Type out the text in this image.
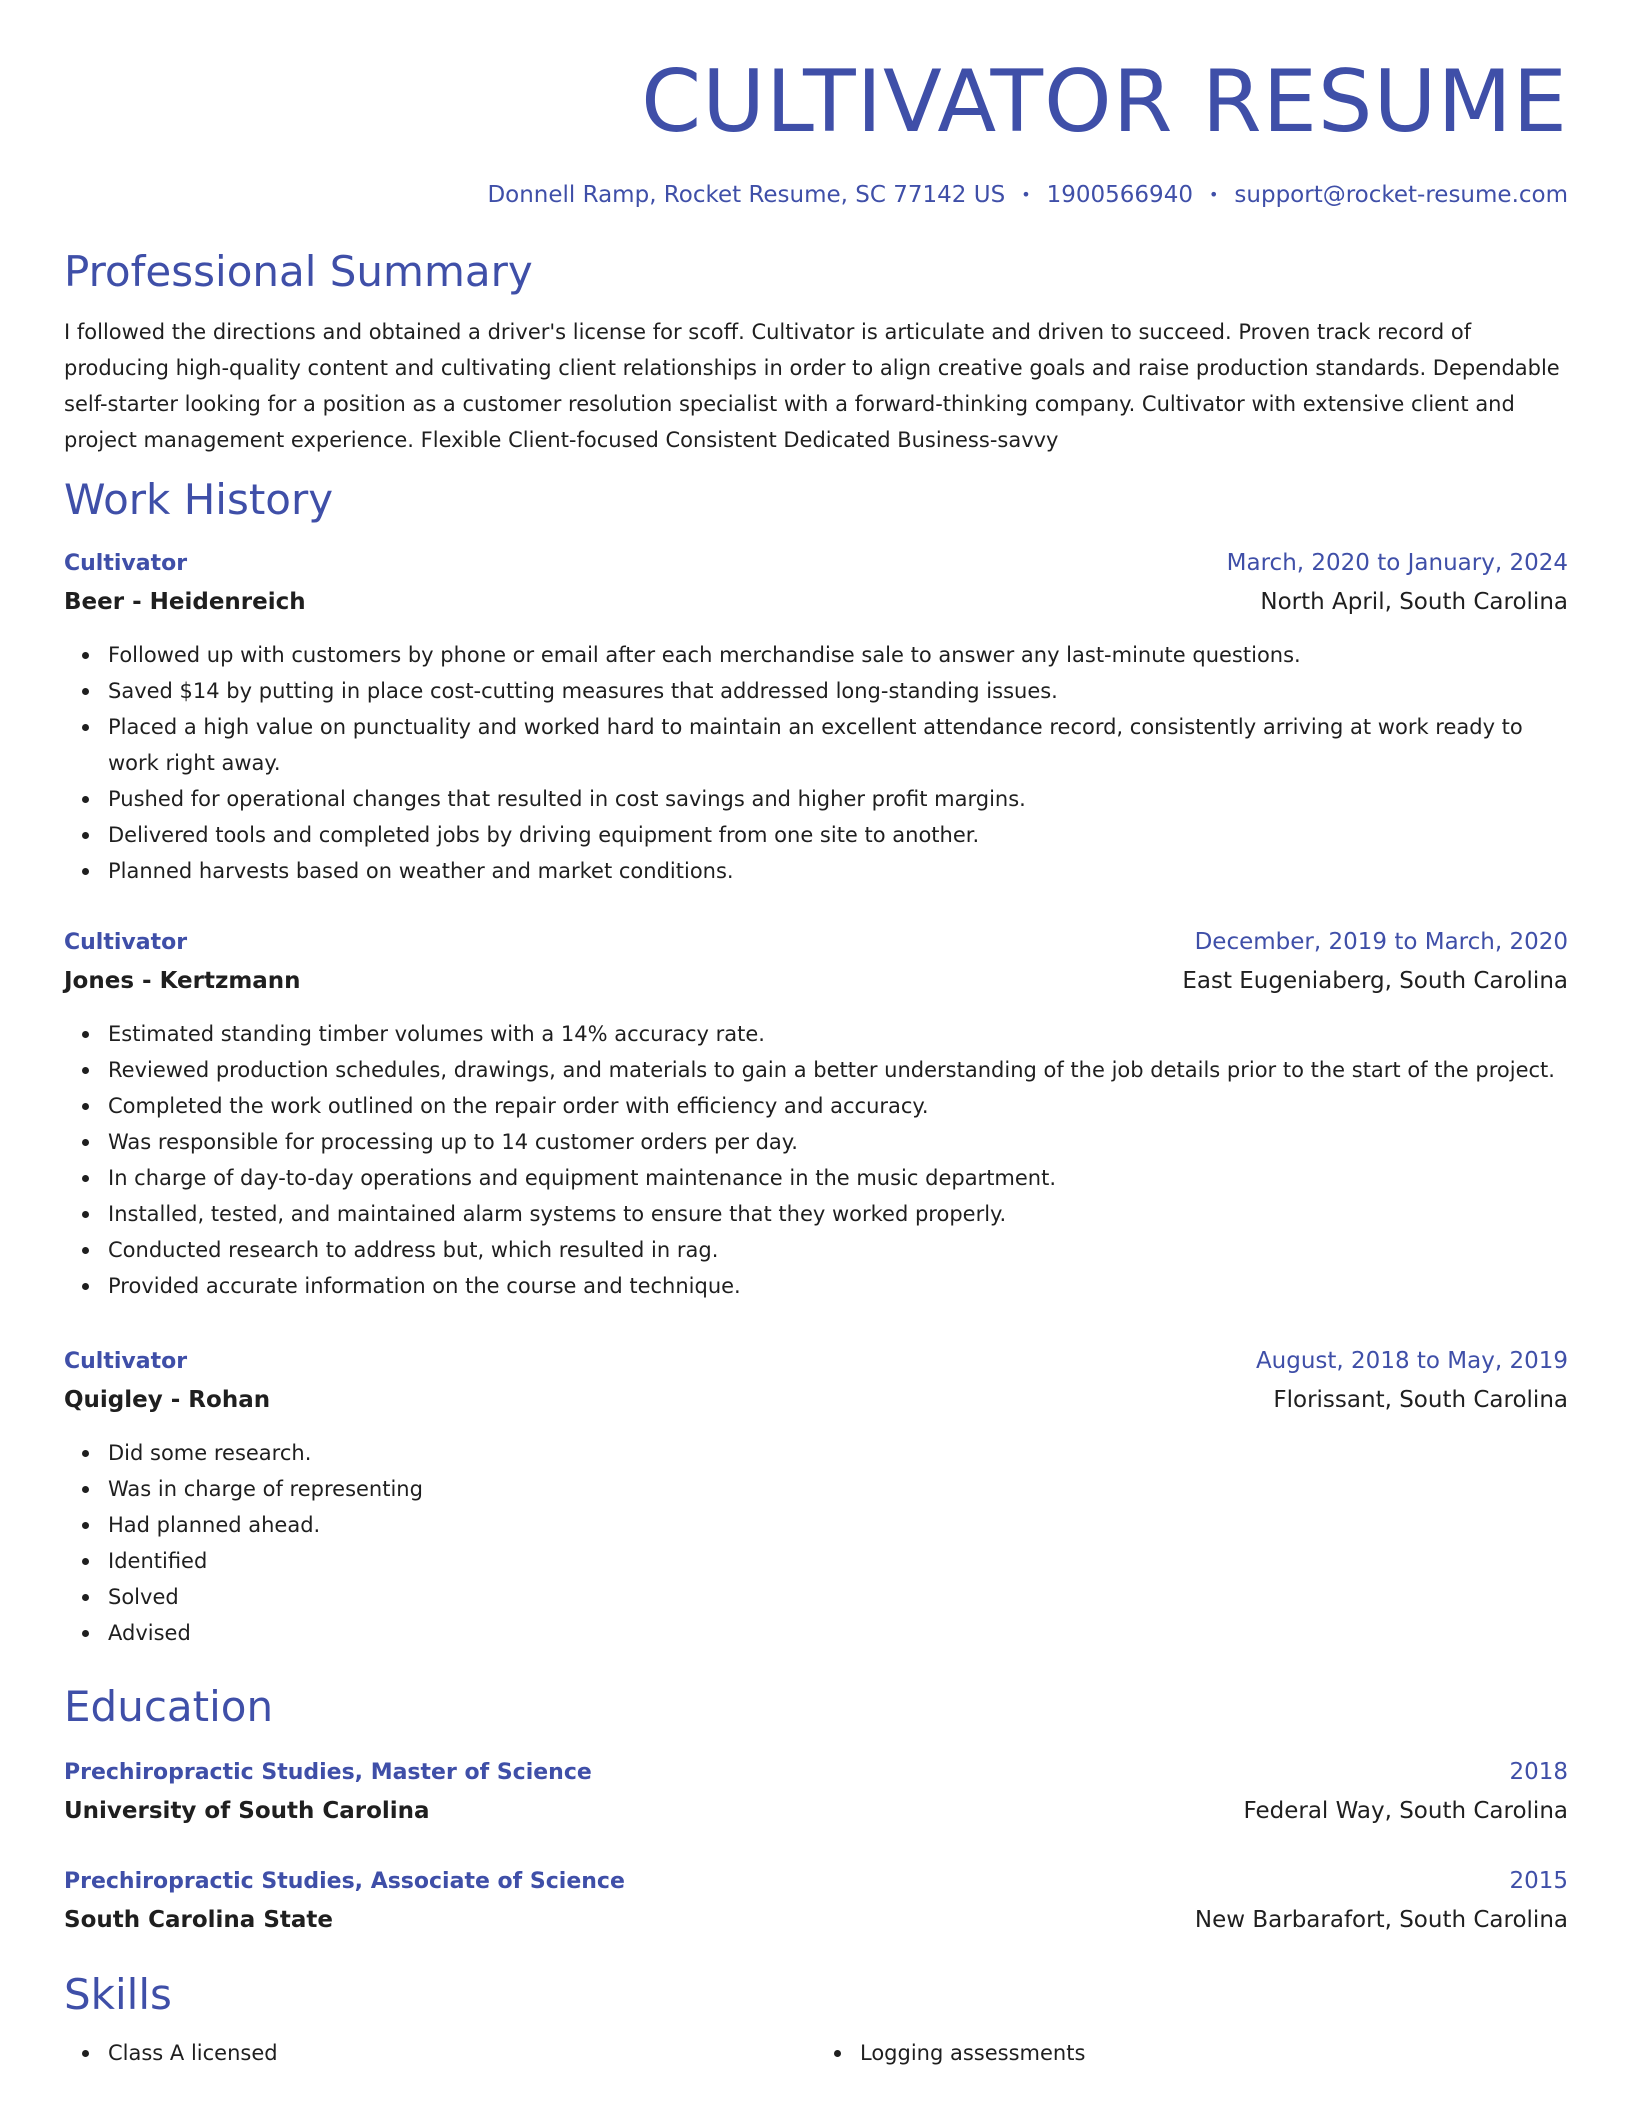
CULTIVATOR RESUME
Donnell Ramp, Rocket Resume, SC 77142 US • 1900566940 • support@rocket-resume.com
Professional Summary
I followed the directions and obtained a driver's license for scoff. Cultivator is articulate and driven to succeed. Proven track record of producing high-quality content and cultivating client relationships in order to align creative goals and raise production standards. Dependable self-starter looking for a position as a customer resolution specialist with a forward-thinking company. Cultivator with extensive client and project management experience. Flexible Client-focused Consistent Dedicated Business-savvy
Work History
Cultivator	March, 2020 to January, 2024
Beer - Heidenreich	North April, South Carolina
Followed up with customers by phone or email after each merchandise sale to answer any last-minute questions.
Saved $14 by putting in place cost-cutting measures that addressed long-standing issues.
Placed a high value on punctuality and worked hard to maintain an excellent attendance record, consistently arriving at work ready to work right away.
Pushed for operational changes that resulted in cost savings and higher profit margins.
Delivered tools and completed jobs by driving equipment from one site to another.
Planned harvests based on weather and market conditions.
Cultivator	December, 2019 to March, 2020
Jones - Kertzmann	East Eugeniaberg, South Carolina
Estimated standing timber volumes with a 14% accuracy rate.
Reviewed production schedules, drawings, and materials to gain a better understanding of the job details prior to the start of the project.
Completed the work outlined on the repair order with efficiency and accuracy.
Was responsible for processing up to 14 customer orders per day.
In charge of day-to-day operations and equipment maintenance in the music department.
Installed, tested, and maintained alarm systems to ensure that they worked properly.
Conducted research to address but, which resulted in rag.
Provided accurate information on the course and technique.
Cultivator	August, 2018 to May, 2019
Quigley - Rohan	Florissant, South Carolina
Did some research.
Was in charge of representing
Had planned ahead.
Identified
Solved
Advised
Education
Prechiropractic Studies, Master of Science	2018
University of South Carolina	Federal Way, South Carolina
Prechiropractic Studies, Associate of Science	2015
South Carolina State	New Barbarafort, South Carolina
Skills
Class A licensed	Logging assessments
